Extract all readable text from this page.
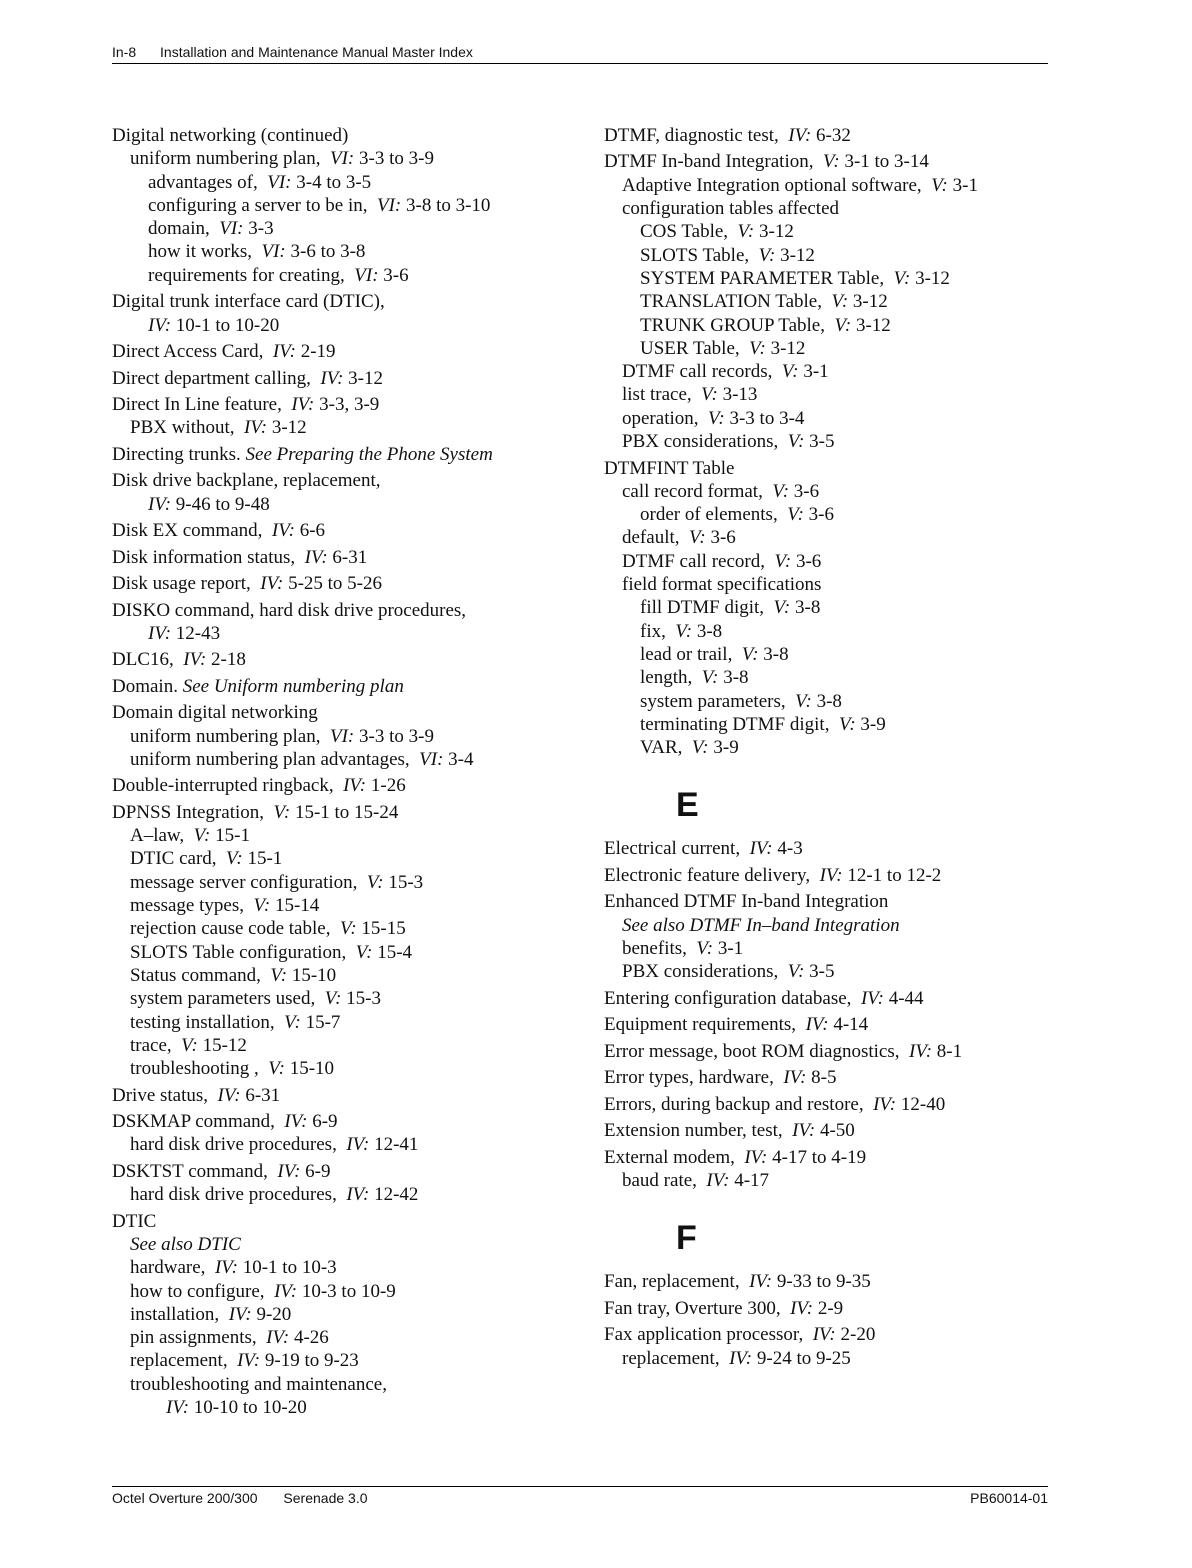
In-8 Installation and Maintenance Manual Master Index
Digital networking (continued)
uniform numbering plan, VI: 3-3 to 3-9
advantages of, VI: 3-4 to 3-5
configuring a server to be in, VI: 3-8 to 3-10
domain, VI: 3-3
how it works, VI: 3-6 to 3-8
requirements for creating, VI: 3-6
Digital trunk interface card (DTIC),
IV: 10-1 to 10-20
Direct Access Card, IV: 2-19
Direct department calling, IV: 3-12
Direct In Line feature, IV: 3-3, 3-9
PBX without, IV: 3-12
Directing trunks. See Preparing the Phone System
Disk drive backplane, replacement,
IV: 9-46 to 9-48
Disk EX command, IV: 6-6
Disk information status, IV: 6-31
Disk usage report, IV: 5-25 to 5-26
DISKO command, hard disk drive procedures,
IV: 12-43
DLC16, IV: 2-18
Domain. See Uniform numbering plan
Domain digital networking
uniform numbering plan, VI: 3-3 to 3-9
uniform numbering plan advantages, VI: 3-4
Double-interrupted ringback, IV: 1-26
DPNSS Integration, V: 15-1 to 15-24
A–law, V: 15-1
DTIC card, V: 15-1
message server configuration, V: 15-3
message types, V: 15-14
rejection cause code table, V: 15-15
SLOTS Table configuration, V: 15-4
Status command, V: 15-10
system parameters used, V: 15-3
testing installation, V: 15-7
trace, V: 15-12
troubleshooting , V: 15-10
Drive status, IV: 6-31
DSKMAP command, IV: 6-9
hard disk drive procedures, IV: 12-41
DSKTST command, IV: 6-9
hard disk drive procedures, IV: 12-42
DTIC
See also DTIC
hardware, IV: 10-1 to 10-3
how to configure, IV: 10-3 to 10-9
installation, IV: 9-20
pin assignments, IV: 4-26
replacement, IV: 9-19 to 9-23
troubleshooting and maintenance,
IV: 10-10 to 10-20
DTMF, diagnostic test, IV: 6-32
DTMF In-band Integration, V: 3-1 to 3-14
Adaptive Integration optional software, V: 3-1
configuration tables affected
COS Table, V: 3-12
SLOTS Table, V: 3-12
SYSTEM PARAMETER Table, V: 3-12
TRANSLATION Table, V: 3-12
TRUNK GROUP Table, V: 3-12
USER Table, V: 3-12
DTMF call records, V: 3-1
list trace, V: 3-13
operation, V: 3-3 to 3-4
PBX considerations, V: 3-5
DTMFINT Table
call record format, V: 3-6
order of elements, V: 3-6
default, V: 3-6
DTMF call record, V: 3-6
field format specifications
fill DTMF digit, V: 3-8
fix, V: 3-8
lead or trail, V: 3-8
length, V: 3-8
system parameters, V: 3-8
terminating DTMF digit, V: 3-9
VAR, V: 3-9
E
Electrical current, IV: 4-3
Electronic feature delivery, IV: 12-1 to 12-2
Enhanced DTMF In-band Integration
See also DTMF In–band Integration
benefits, V: 3-1
PBX considerations, V: 3-5
Entering configuration database, IV: 4-44
Equipment requirements, IV: 4-14
Error message, boot ROM diagnostics, IV: 8-1
Error types, hardware, IV: 8-5
Errors, during backup and restore, IV: 12-40
Extension number, test, IV: 4-50
External modem, IV: 4-17 to 4-19
baud rate, IV: 4-17
F
Fan, replacement, IV: 9-33 to 9-35
Fan tray, Overture 300, IV: 2-9
Fax application processor, IV: 2-20
replacement, IV: 9-24 to 9-25
Octel Overture 200/300 Serenade 3.0	PB60014-01
